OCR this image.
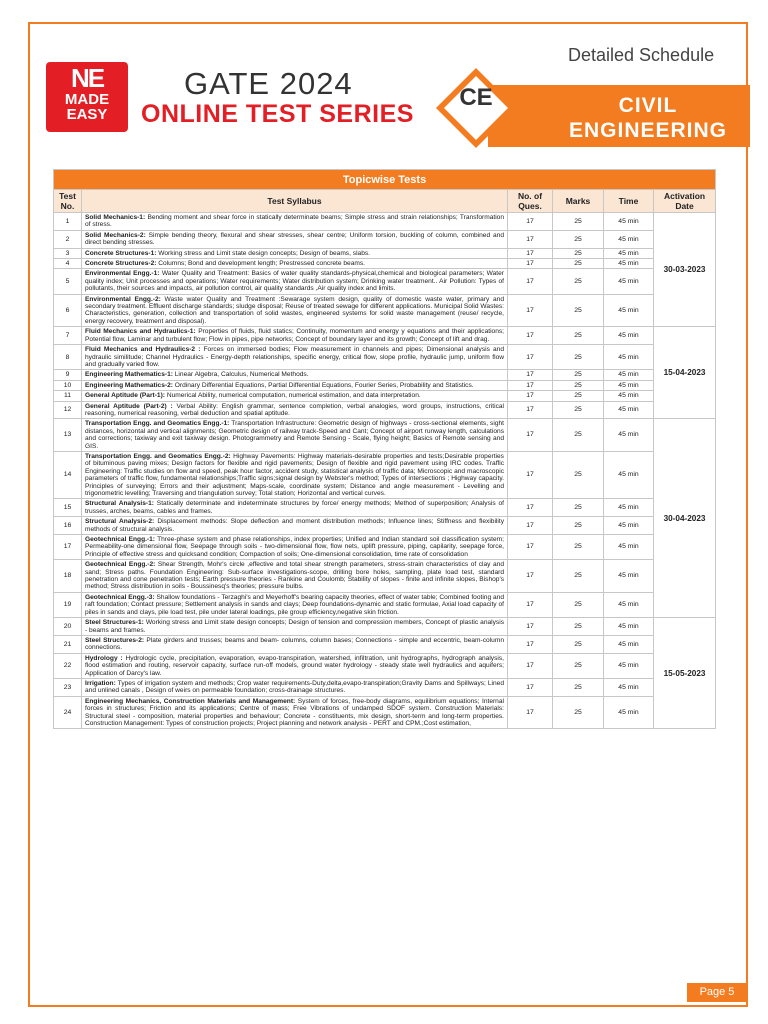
NE
MADE
EASY
GATE 2024
ONLINE TEST SERIES
Detailed Schedule
CE	CIVIL
ENGINEERING
Topicwise Tests					
Test No.	Test Syllabus	No. of Ques.	Marks	Time	Activation Date
1	Solid Mechanics-1: Bending moment and shear force in statically determinate beams; Simple stress and strain relationships; Transformation of stress.	17	25	45 min	30-03-2023
2	Solid Mechanics-2: Simple bending theory, flexural and shear stresses, shear centre; Uniform torsion, buckling of column, combined and direct bending stresses.	17	25	45 min	
3	Concrete Structures-1: Working stress and Limit state design concepts; Design of beams, slabs.	17	25	45 min	
4	Concrete Structures-2: Columns; Bond and development length; Prestressed concrete beams.	17	25	45 min	
5	Environmental Engg.-1: Water Quality and Treatment: Basics of water quality standards-physical,chemical and biological parameters; Water quality index; Unit processes and operations; Water requirements; Water distribution system; Drinking water treatment.. Air Pollution: Types of pollutants, their sources and impacts, air pollution control, air quality standards ,Air quality index and limits.	17	25	45 min	
6	Environmental Engg.-2: Waste water Quality and Treatment :Sewarage system design, quality of domestic waste water, primary and secondary treatment. Effluent discharge standards; sludge disposal; Reuse of treated sewage for different applications. Municipal Solid Wastes: Characteristics, generation, collection and transportation of solid wastes, engineered systems for solid waste management (reuse/ recycle, energy recovery, treatment and disposal).	17	25	45 min	
7	Fluid Mechanics and Hydraulics-1: Properties of fluids, fluid statics; Continuity, momentum and energy y equations and their applications; Potential flow, Laminar and turbulent flow; Flow in pipes, pipe networks; Concept of boundary layer and its growth; Concept of lift and drag.	17	25	45 min	15-04-2023
8	Fluid Mechanics and Hydraulics-2 : Forces on immersed bodies; Flow measurement in channels and pipes; Dimensional analysis and hydraulic similitude; Channel Hydraulics - Energy-depth relationships, specific energy, critical flow, slope profile, hydraulic jump, uniform flow and gradually varied flow.	17	25	45 min	
9	Engineering Mathematics-1: Linear Algebra, Calculus, Numerical Methods.	17	25	45 min	
10	Engineering Mathematics-2: Ordinary Differential Equations, Partial Differential Equations, Fourier Series, Probability and Statistics.	17	25	45 min	
11	General Aptitude (Part-1): Numerical Ability, numerical computation, numerical estimation, and data interpretation.	17	25	45 min	
12	General Aptitude (Part-2) : Verbal Ability: English grammar, sentence completion, verbal analogies, word groups, instructions, critical reasoning, numerical reasoning, verbal deduction and spatial aptitude.	17	25	45 min	
13	Transportation Engg. and Geomatics Engg.-1: Transportation Infrastructure: Geometric design of highways - cross-sectional elements, sight distances, horizontal and vertical alignments; Geometric design of railway track-Speed and Cant; Concept of airport runway length, calculations and corrections; taxiway and exit taxiway design. Photogrammetry and Remote Sensing - Scale, flying height; Basics of Remote sensing and GIS.	17	25	45 min	30-04-2023
14	Transportation Engg. and Geomatics Engg.-2: Highway Pavements: Highway materials-desirable properties and tests;Desirable properties of bituminous paving mixes; Design factors for flexible and rigid pavements; Design of flexible and rigid pavement using IRC codes. Traffic Engineering: Traffic studies on flow and speed, peak hour factor, accident study, statistical analysis of traffic data; Microscopic and macroscopic parameters of traffic flow, fundamental relationships;Traffic signs;signal design by Webster's method; Types of intersections ; Highway capacity. Principles of surveying; Errors and their adjustment; Maps-scale, coordinate system; Distance and angle measurement - Levelling and trigonometric levelling; Traversing and triangulation survey; Total station; Horizontal and vertical curves.	17	25	45 min	
15	Structural Analysis-1: Statically determinate and indeterminate structures by force/ energy methods; Method of superposition; Analysis of trusses, arches, beams, cables and frames.	17	25	45 min	
16	Structural Analysis-2: Displacement methods: Slope deflection and moment distribution methods; Influence lines; Stiffness and flexibility methods of structural analysis.	17	25	45 min	
17	Geotechnical Engg.-1: Three-phase system and phase relationships, index properties; Unified and Indian standard soil classification system; Permeability-one dimensional flow, Seepage through soils - two-dimensional flow, flow nets, uplift pressure, piping, capilarity, seepage force, Principle of effective stress and quicksand condition; Compaction of soils; One-dimensional consolidation, time rate of consolidation	17	25	45 min	
18	Geotechnical Engg.-2: Shear Strength, Mohr's circle ,effective and total shear strength parameters, stress-strain characteristics of clay and sand; Stress paths. Foundation Engineering: Sub-surface investigations-scope, drilling bore holes, sampling, plate load test, standard penetration and cone penetration tests; Earth pressure theories - Rankine and Coulomb; Stability of slopes - finite and infinite slopes, Bishop's method; Stress distribution in soils - Boussinesq's theories; pressure bulbs.	17	25	45 min	
19	Geotechnical Engg.-3: Shallow foundations - Terzaghi's and Meyerhoff's bearing capacity theories, effect of water table; Combined footing and raft foundation; Contact pressure; Settlement analysis in sands and clays; Deep foundations-dynamic and static formulae, Axial load capacity of piles in sands and clays, pile load test, pile under lateral loadings, pile group efficiency,negative skin friction.	17	25	45 min	
20	Steel Structures-1: Working stress and Limit state design concepts; Design of tension and compression members, Concept of plastic analysis - beams and frames.	17	25	45 min	15-05-2023
21	Steel Structures-2: Plate girders and trusses; beams and beam- columns, column bases; Connections - simple and eccentric, beam-column connections.	17	25	45 min	
22	Hydrology : Hydrologic cycle, precipitation, evaporation, evapo-transpiration, watershed, infiltration, unit hydrographs, hydrograph analysis, flood estimation and routing, reservoir capacity, surface run-off models, ground water hydrology - steady state well hydraulics and aquifers; Application of Darcy's law.	17	25	45 min	
23	Irrigation: Types of irrigation system and methods; Crop water requirements-Duty,delta,evapo-transpiration;Gravity Dams and Spillways; Lined and unlined canals , Design of weirs on permeable foundation; cross-drainage structures.	17	25	45 min	
24	Engineering Mechanics, Construction Materials and Management: System of forces, free-body diagrams, equilibrium equations; Internal forces in structures; Friction and its applications; Centre of mass; Free Vibrations of undamped SDOF system. Construction Materials: Structural steel - composition, material properties and behaviour; Concrete - constituents, mix design, short-term and long-term properties. Construction Management: Types of construction projects; Project planning and network analysis - PERT and CPM.;Cost estimation,	17	25	45 min	
Page 5
